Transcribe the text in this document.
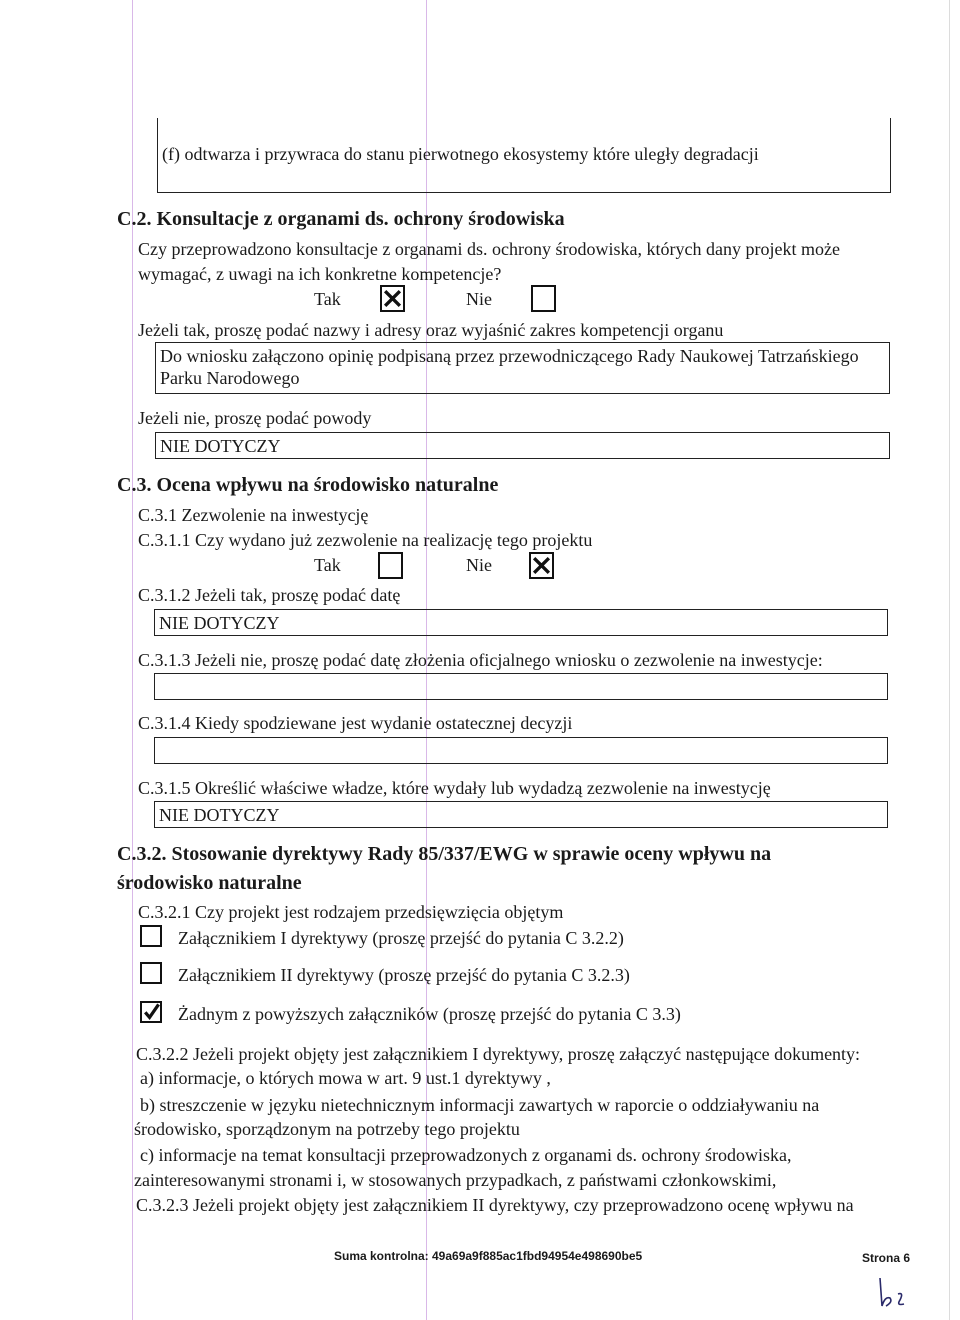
(f) odtwarza i przywraca do stanu pierwotnego ekosystemy które uległy degradacji
C.2. Konsultacje z organami ds. ochrony środowiska
Czy przeprowadzono konsultacje z organami ds. ochrony środowiska, których dany projekt może
wymagać, z uwagi na ich konkretne kompetencje?
Tak	Nie
Jeżeli tak, proszę podać nazwy i adresy oraz wyjaśnić zakres kompetencji organu
Do wniosku załączono opinię podpisaną przez przewodniczącego Rady Naukowej Tatrzańskiego
Parku Narodowego
Jeżeli nie, proszę podać powody
NIE DOTYCZY
C.3. Ocena wpływu na środowisko naturalne
C.3.1 Zezwolenie na inwestycję
C.3.1.1 Czy wydano już zezwolenie na realizację tego projektu
Tak	Nie
C.3.1.2 Jeżeli tak, proszę podać datę
NIE DOTYCZY
C.3.1.3 Jeżeli nie, proszę podać datę złożenia oficjalnego wniosku o zezwolenie na inwestycje:
C.3.1.4 Kiedy spodziewane jest wydanie ostatecznej decyzji
C.3.1.5 Określić właściwe władze, które wydały lub wydadzą zezwolenie na inwestycję
NIE DOTYCZY
C.3.2. Stosowanie dyrektywy Rady 85/337/EWG w sprawie oceny wpływu na
środowisko naturalne
C.3.2.1 Czy projekt jest rodzajem przedsięwzięcia objętym
Załącznikiem I dyrektywy (proszę przejść do pytania C 3.2.2)
Załącznikiem II dyrektywy (proszę przejść do pytania C 3.2.3)
Żadnym z powyższych załączników (proszę przejść do pytania C 3.3)
C.3.2.2 Jeżeli projekt objęty jest załącznikiem I dyrektywy, proszę załączyć następujące dokumenty:
a) informacje, o których mowa w art. 9 ust.1 dyrektywy ,
b) streszczenie w języku nietechnicznym informacji zawartych w raporcie o oddziaływaniu na
środowisko, sporządzonym na potrzeby tego projektu
c) informacje na temat konsultacji przeprowadzonych z organami ds. ochrony środowiska,
zainteresowanymi stronami i, w stosowanych przypadkach, z państwami członkowskimi,
C.3.2.3 Jeżeli projekt objęty jest załącznikiem II dyrektywy, czy przeprowadzono ocenę wpływu na
Suma kontrolna: 49a69a9f885ac1fbd94954e498690be5	Strona 6
